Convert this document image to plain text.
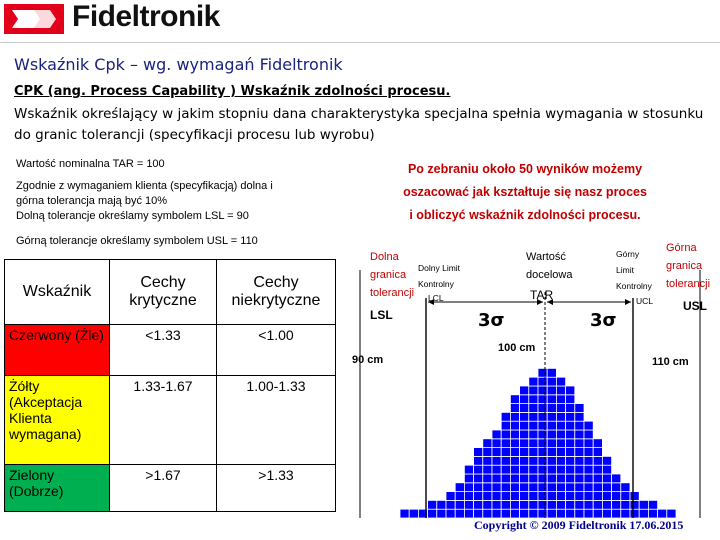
Fideltronik
Wskaźnik Cpk – wg. wymagań Fideltronik
CPK (ang. Process Capability ) Wskaźnik zdolności procesu.
Wskaźnik określający w jakim stopniu dana charakterystyka specjalna spełnia wymagania w stosunku do granic tolerancji (specyfikacji procesu lub wyrobu)
Wartość nominalna TAR = 100
Zgodnie z wymaganiem klienta (specyfikacją) dolna i
górna tolerancja mają być 10%
Dolną tolerancje określamy symbolem LSL = 90
Górną tolerancje określamy symbolem USL = 110
Po zebraniu około 50 wyników możemy
oszacować jak kształtuje się nasz proces
i obliczyć wskaźnik zdolności procesu.
Wskaźnik	Cechy krytyczne	Cechy niekrytyczne
Czerwony (Źle)	<1.33	<1.00
Żółty (Akceptacja Klienta wymagana)	1.33-1.67	1.00-1.33
Zielony (Dobrze)	>1.67	>1.33
3σ	3σ
Dolna
granica
tolerancji
LSL
Dolny Limit
Kontrolny
LCL
Wartość
docelowa
TAR
Górny
Limit
Kontrolny
UCL
Górna
granica
tolerancji
USL
90 cm
100 cm
110 cm
Copyright © 2009 Fideltronik 17.06.2015
